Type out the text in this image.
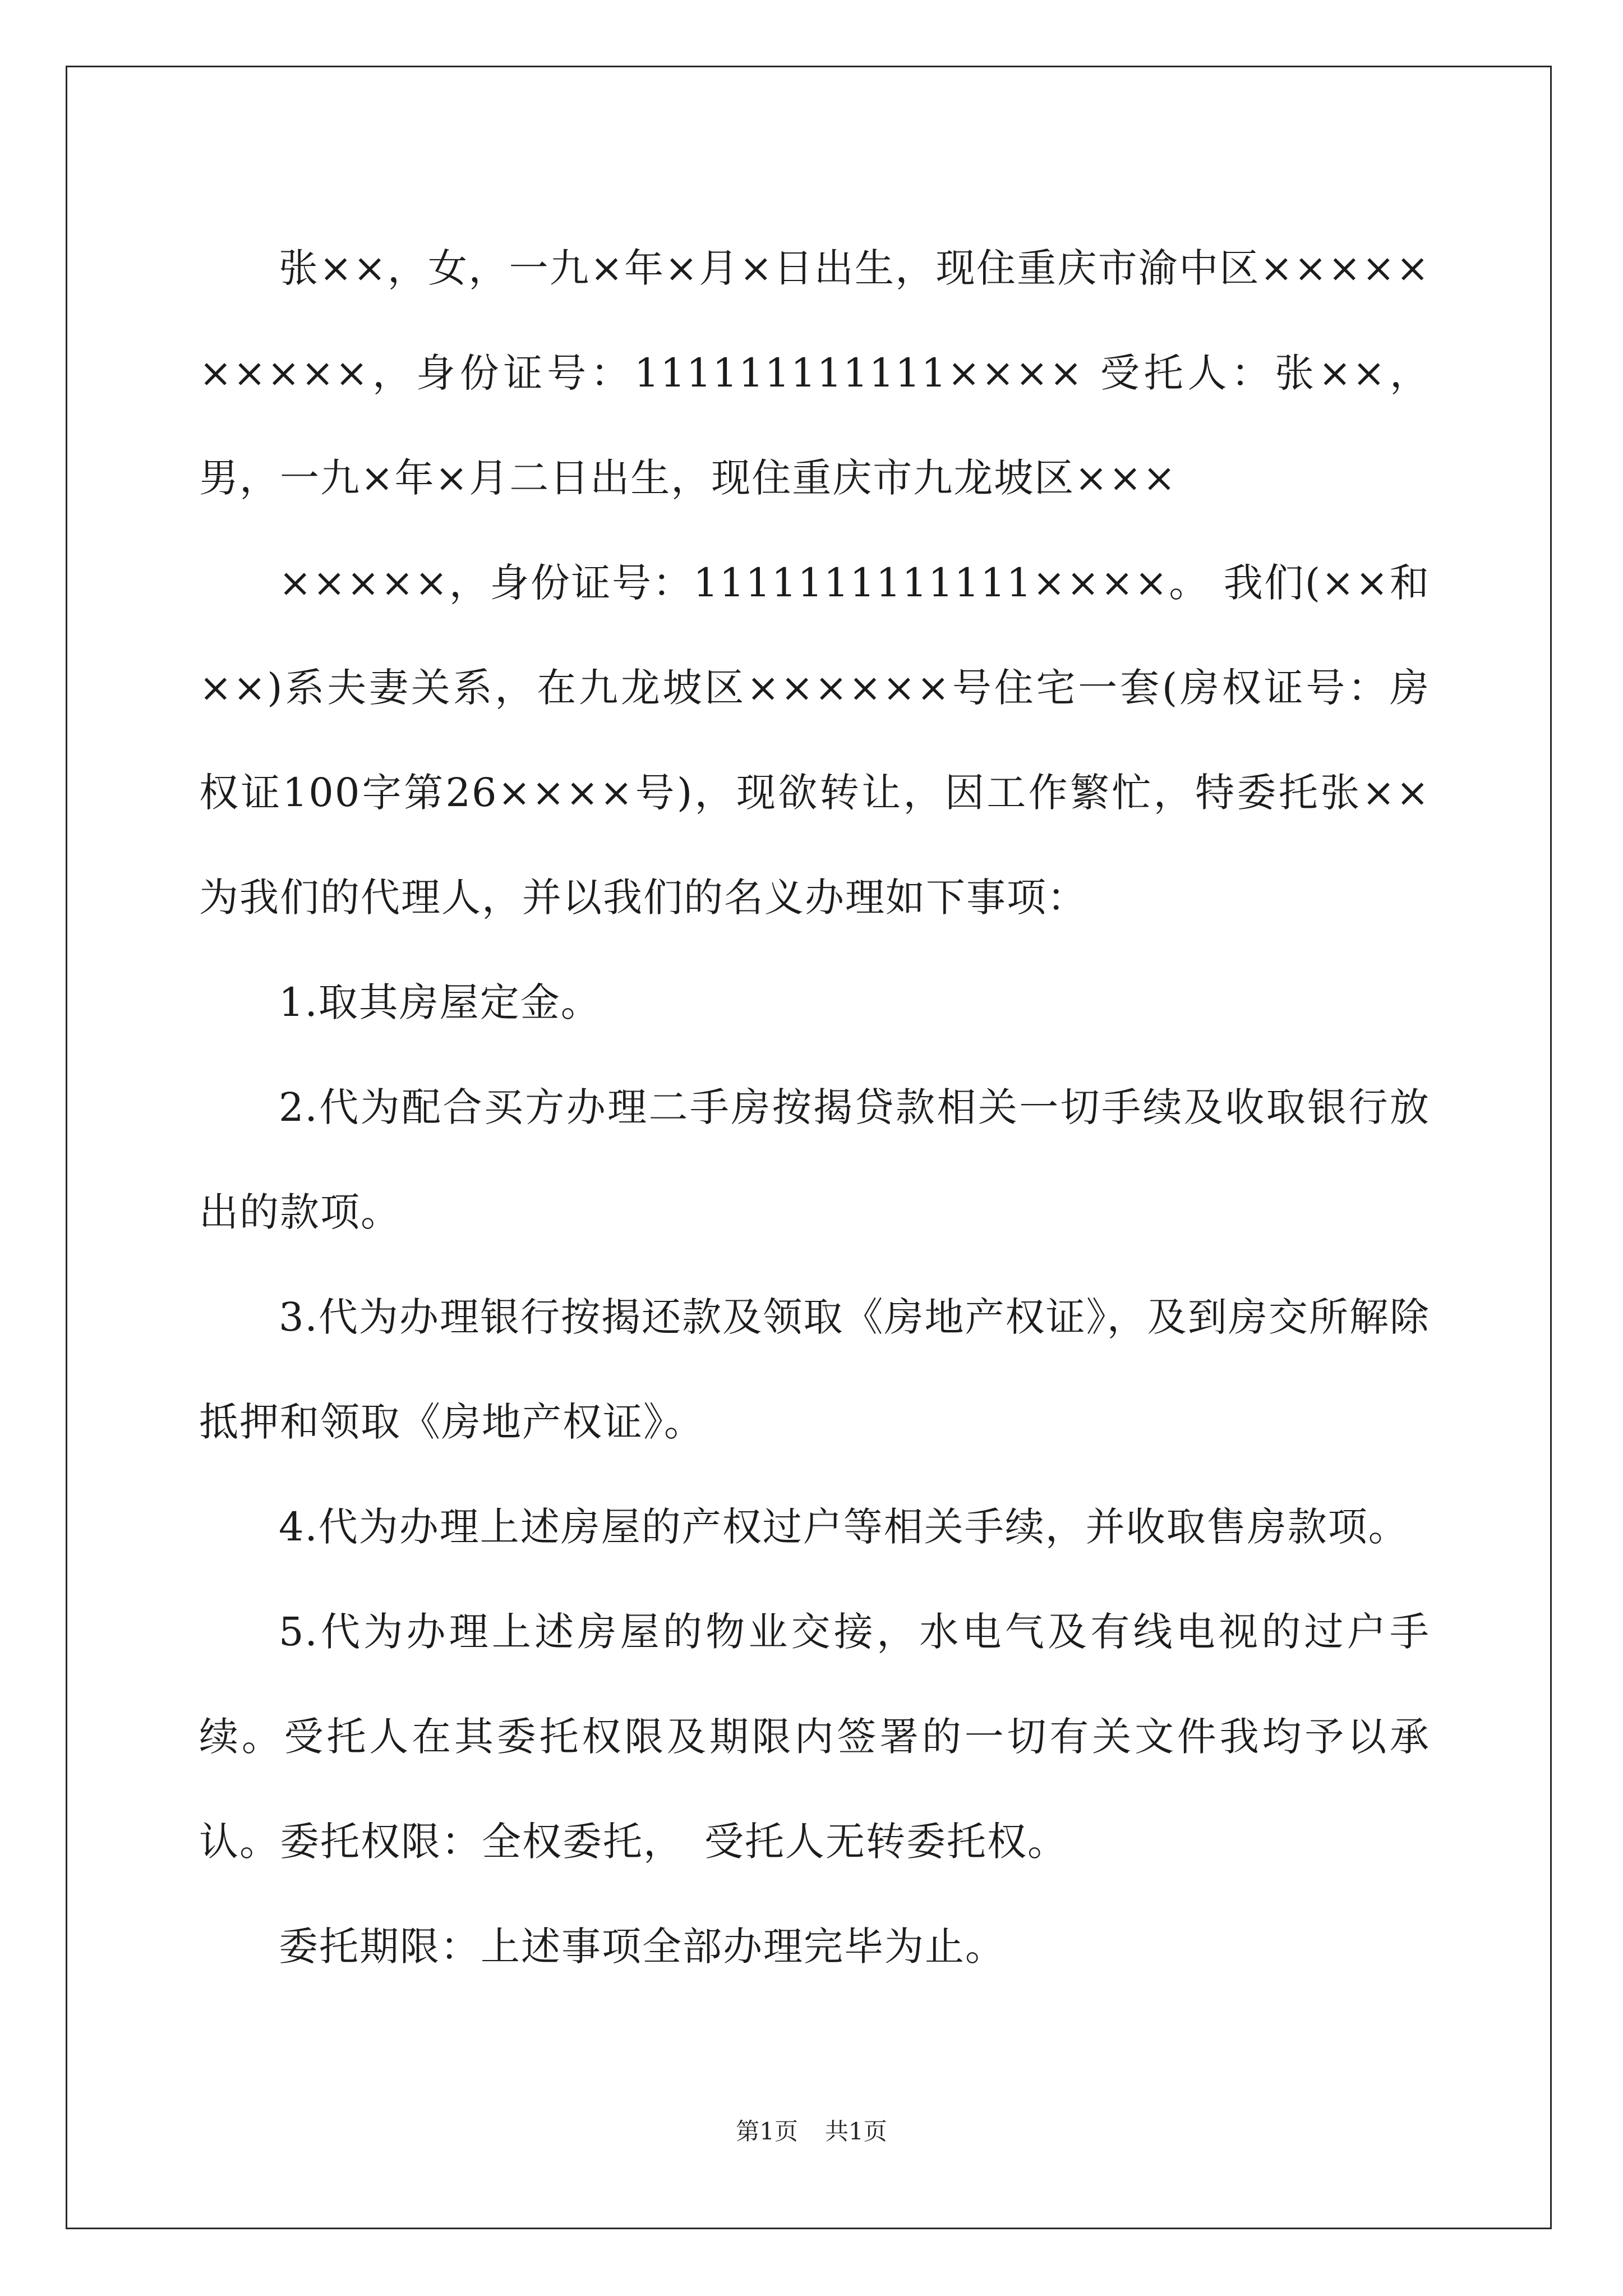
张××，女，一九×年×月×日出生，现住重庆市渝中区××××××××××，身份证号：111111111111×××× 受托人：张××，男，一九×年×月二日出生，现住重庆市九龙坡区×××

×××××，身份证号：1111111111111××××。 我们(××和××)系夫妻关系，在九龙坡区××××××号住宅一套(房权证号：房权证100字第26××××号)，现欲转让，因工作繁忙，特委托张××为我们的代理人，并以我们的名义办理如下事项：

1.取其房屋定金。

2.代为配合买方办理二手房按揭贷款相关一切手续及收取银行放出的款项。

3.代为办理银行按揭还款及领取《房地产权证》，及到房交所解除抵押和领取《房地产权证》。

4.代为办理上述房屋的产权过户等相关手续，并收取售房款项。

5.代为办理上述房屋的物业交接，水电气及有线电视的过户手续。受托人在其委托权限及期限内签署的一切有关文件我均予以承认。委托权限：全权委托，　受托人无转委托权。

委托期限：上述事项全部办理完毕为止。

第1页 共1页
